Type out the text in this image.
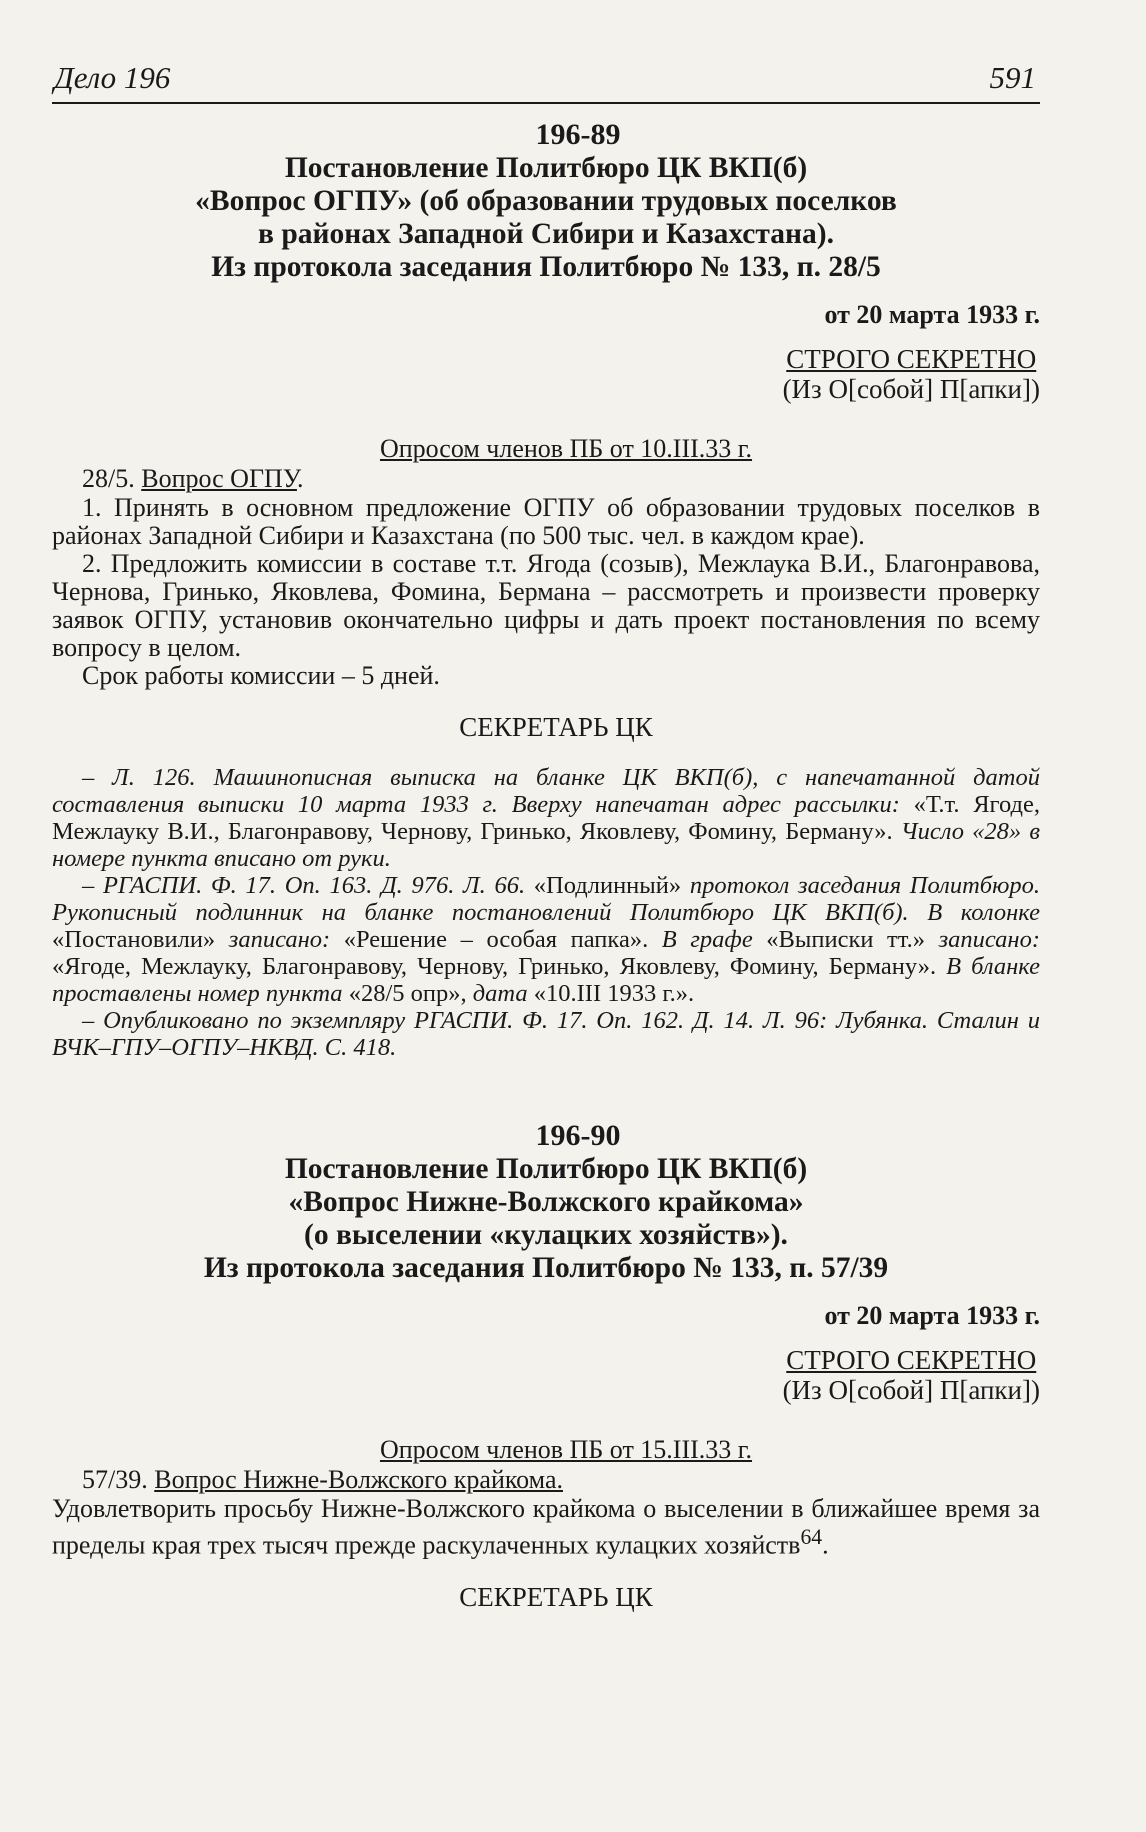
Дело 196	591
196-89
Постановление Политбюро ЦК ВКП(б)
«Вопрос ОГПУ» (об образовании трудовых поселков
в районах Западной Сибири и Казахстана).
Из протокола заседания Политбюро № 133, п. 28/5
от 20 марта 1933 г.
СТРОГО СЕКРЕТНО
(Из О[собой] П[апки])
Опросом членов ПБ от 10.III.33 г.
28/5. Вопрос ОГПУ.

1. Принять в основном предложение ОГПУ об образовании трудовых поселков в районах Западной Сибири и Казахстана (по 500 тыс. чел. в каждом крае).

2. Предложить комиссии в составе т.т. Ягода (созыв), Межлаука В.И., Благонравова, Чернова, Гринько, Яковлева, Фомина, Бермана – рассмотреть и произвести проверку заявок ОГПУ, установив окончательно цифры и дать проект постановления по всему вопросу в целом.

Срок работы комиссии – 5 дней.

СЕКРЕТАРЬ ЦК

– Л. 126. Машинописная выписка на бланке ЦК ВКП(б), с напечатанной датой составления выписки 10 марта 1933 г. Вверху напечатан адрес рассылки: «Т.т. Ягоде, Межлауку В.И., Благонравову, Чернову, Гринько, Яковлеву, Фомину, Берману». Число «28» в номере пункта вписано от руки.

– РГАСПИ. Ф. 17. Оп. 163. Д. 976. Л. 66. «Подлинный» протокол заседания Политбюро. Рукописный подлинник на бланке постановлений Политбюро ЦК ВКП(б). В колонке «Постановили» записано: «Решение – особая папка». В графе «Выписки тт.» записано: «Ягоде, Межлауку, Благонравову, Чернову, Гринько, Яковлеву, Фомину, Берману». В бланке проставлены номер пункта «28/5 опр», дата «10.III 1933 г.».

– Опубликовано по экземпляру РГАСПИ. Ф. 17. Оп. 162. Д. 14. Л. 96: Лубянка. Сталин и ВЧК–ГПУ–ОГПУ–НКВД. С. 418.

196-90
Постановление Политбюро ЦК ВКП(б)
«Вопрос Нижне-Волжского крайкома»
(о выселении «кулацких хозяйств»).
Из протокола заседания Политбюро № 133, п. 57/39
от 20 марта 1933 г.
СТРОГО СЕКРЕТНО
(Из О[собой] П[апки])
Опросом членов ПБ от 15.III.33 г.
57/39. Вопрос Нижне-Волжского крайкома.

Удовлетворить просьбу Нижне-Волжского крайкома о выселении в ближайшее время за пределы края трех тысяч прежде раскулаченных кулацких хозяйств$^{64}$.

СЕКРЕТАРЬ ЦК
